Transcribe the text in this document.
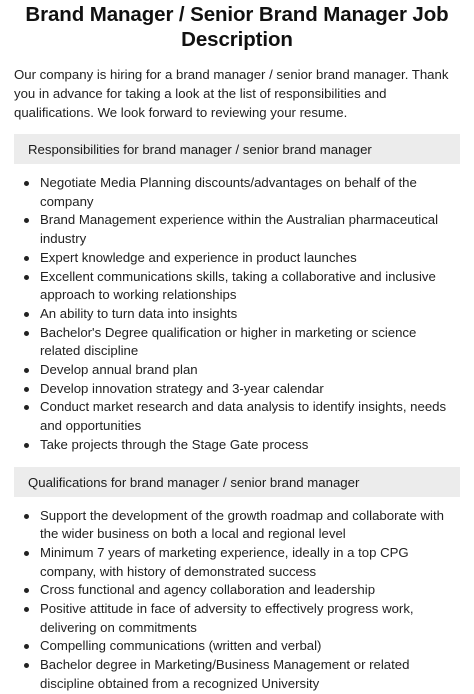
Brand Manager / Senior Brand Manager Job Description

Our company is hiring for a brand manager / senior brand manager. Thank you in advance for taking a look at the list of responsibilities and qualifications. We look forward to reviewing your resume.

Responsibilities for brand manager / senior brand manager
Negotiate Media Planning discounts/advantages on behalf of the company
Brand Management experience within the Australian pharmaceutical industry
Expert knowledge and experience in product launches
Excellent communications skills, taking a collaborative and inclusive approach to working relationships
An ability to turn data into insights
Bachelor's Degree qualification or higher in marketing or science related discipline
Develop annual brand plan
Develop innovation strategy and 3-year calendar
Conduct market research and data analysis to identify insights, needs and opportunities
Take projects through the Stage Gate process
Qualifications for brand manager / senior brand manager
Support the development of the growth roadmap and collaborate with the wider business on both a local and regional level
Minimum 7 years of marketing experience, ideally in a top CPG company, with history of demonstrated success
Cross functional and agency collaboration and leadership
Positive attitude in face of adversity to effectively progress work, delivering on commitments
Compelling communications (written and verbal)
Bachelor degree in Marketing/Business Management or related discipline obtained from a recognized University
